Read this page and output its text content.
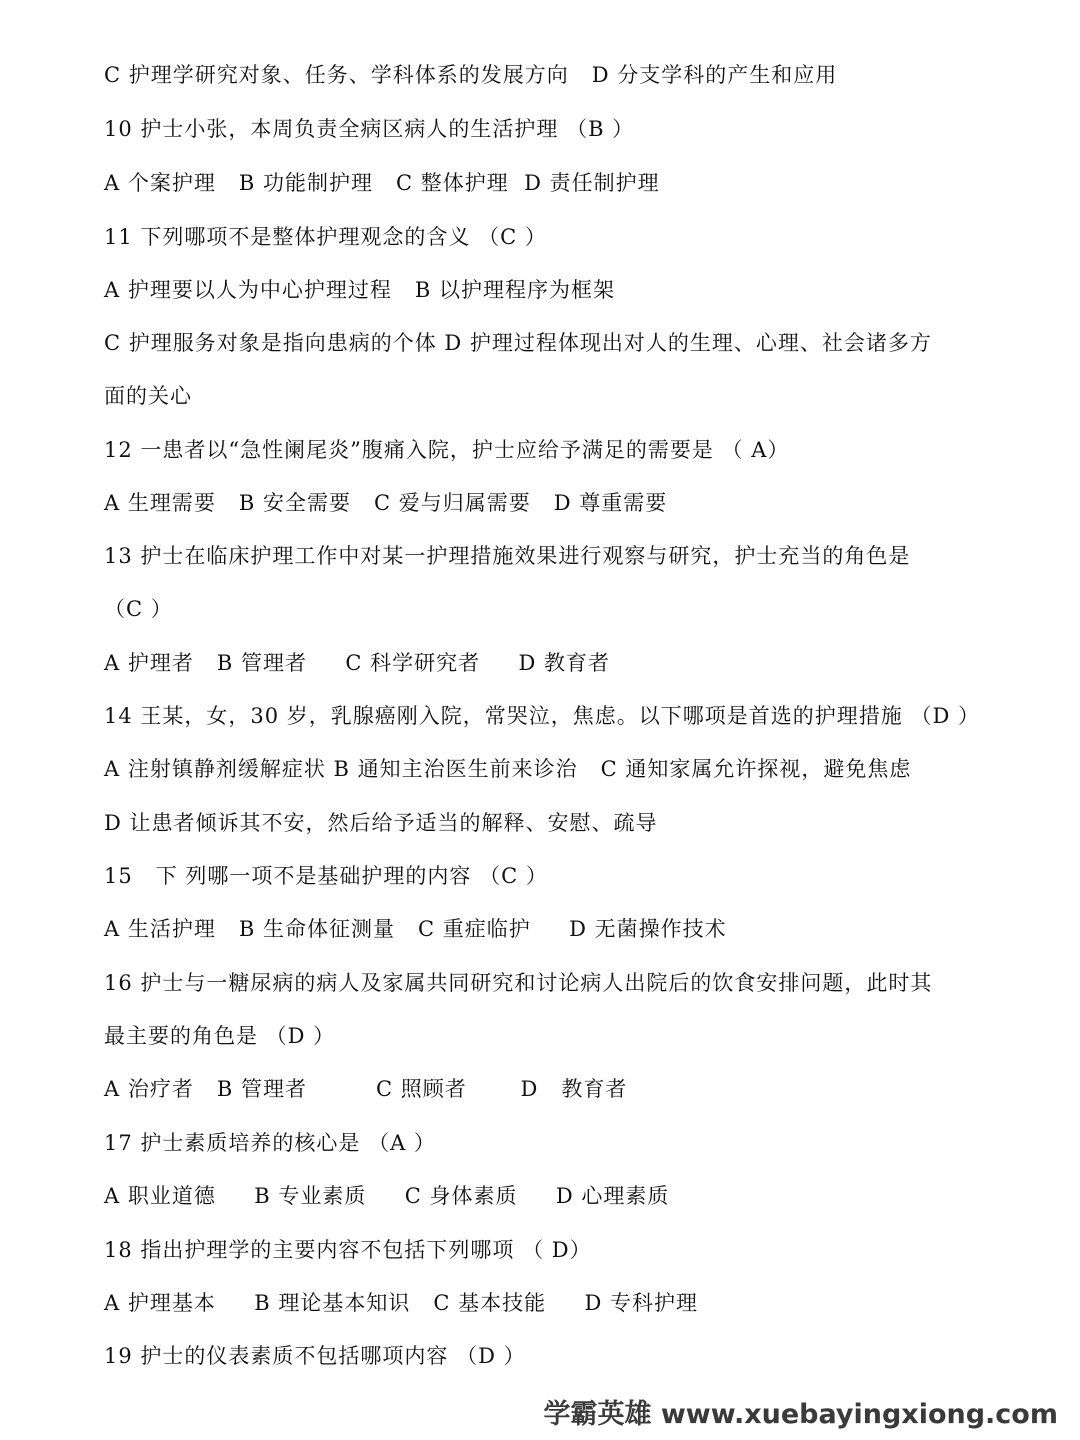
C 护理学研究对象、任务、学科体系的发展方向   D 分支学科的产生和应用
10 护士小张，本周负责全病区病人的生活护理 （B ）
A 个案护理   B 功能制护理   C 整体护理  D 责任制护理
11 下列哪项不是整体护理观念的含义 （C ）
A 护理要以人为中心护理过程   B 以护理程序为框架
C 护理服务对象是指向患病的个体 D 护理过程体现出对人的生理、心理、社会诸多方
面的关心
12 一患者以“急性阑尾炎”腹痛入院，护士应给予满足的需要是 （ A）
A 生理需要   B 安全需要   C 爱与归属需要   D 尊重需要
13 护士在临床护理工作中对某一护理措施效果进行观察与研究，护士充当的角色是
（C ）
A 护理者   B 管理者     C 科学研究者     D 教育者
14 王某，女，30 岁，乳腺癌刚入院，常哭泣，焦虑。以下哪项是首选的护理措施 （D ）
A 注射镇静剂缓解症状 B 通知主治医生前来诊治   C 通知家属允许探视，避免焦虑
D 让患者倾诉其不安，然后给予适当的解释、安慰、疏导
15   下 列哪一项不是基础护理的内容 （C ）
A 生活护理   B 生命体征测量   C 重症临护     D 无菌操作技术
16 护士与一糖尿病的病人及家属共同研究和讨论病人出院后的饮食安排问题，此时其
最主要的角色是 （D ）
A 治疗者   B 管理者         C 照顾者       D   教育者
17 护士素质培养的核心是 （A ）
A 职业道德     B 专业素质     C 身体素质     D 心理素质
18 指出护理学的主要内容不包括下列哪项 （ D）
A 护理基本     B 理论基本知识   C 基本技能     D 专科护理
19 护士的仪表素质不包括哪项内容 （D ）
学霸英雄 www.xuebayingxiong.com
